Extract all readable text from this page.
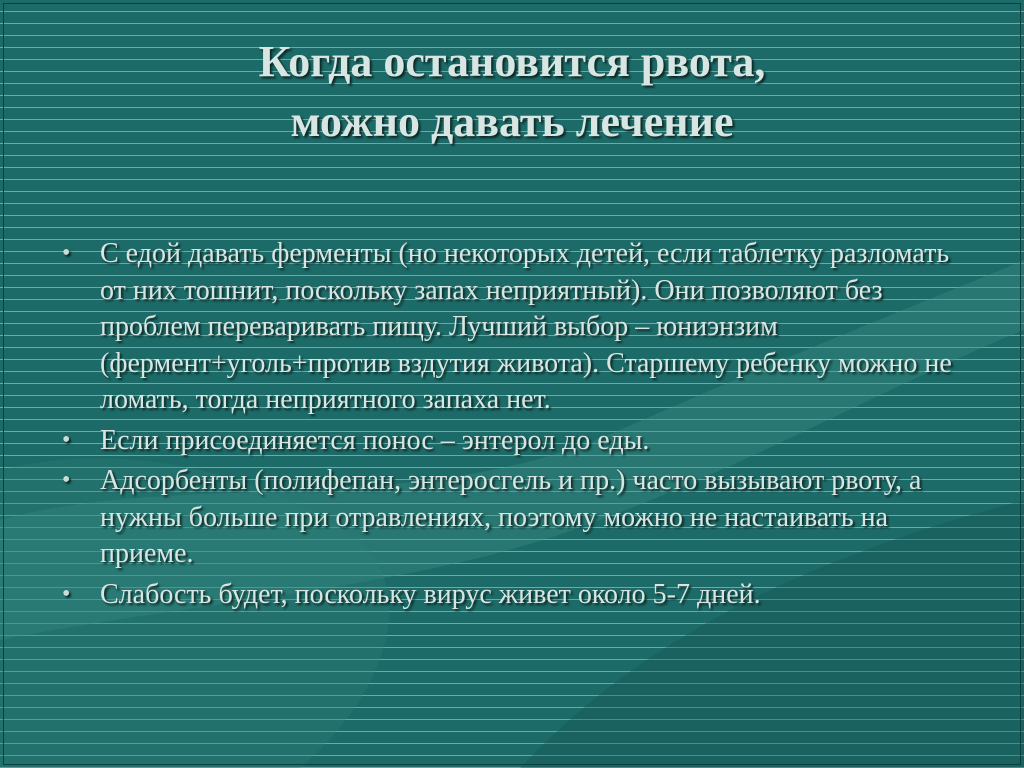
Когда остановится рвота,
можно давать лечение
• С едой давать ферменты (но некоторых детей, если таблетку разломать от них тошнит, поскольку запах неприятный). Они позволяют без проблем переваривать пищу. Лучший выбор – юниэнзим (фермент+уголь+против вздутия живота). Старшему ребенку можно не ломать, тогда неприятного запаха нет.
• Если присоединяется понос – энтерол до еды.
• Адсорбенты (полифепан, энтеросгель и пр.) часто вызывают рвоту, а нужны больше при отравлениях, поэтому можно не настаивать на приеме.
• Слабость будет, поскольку вирус живет около 5-7 дней.
